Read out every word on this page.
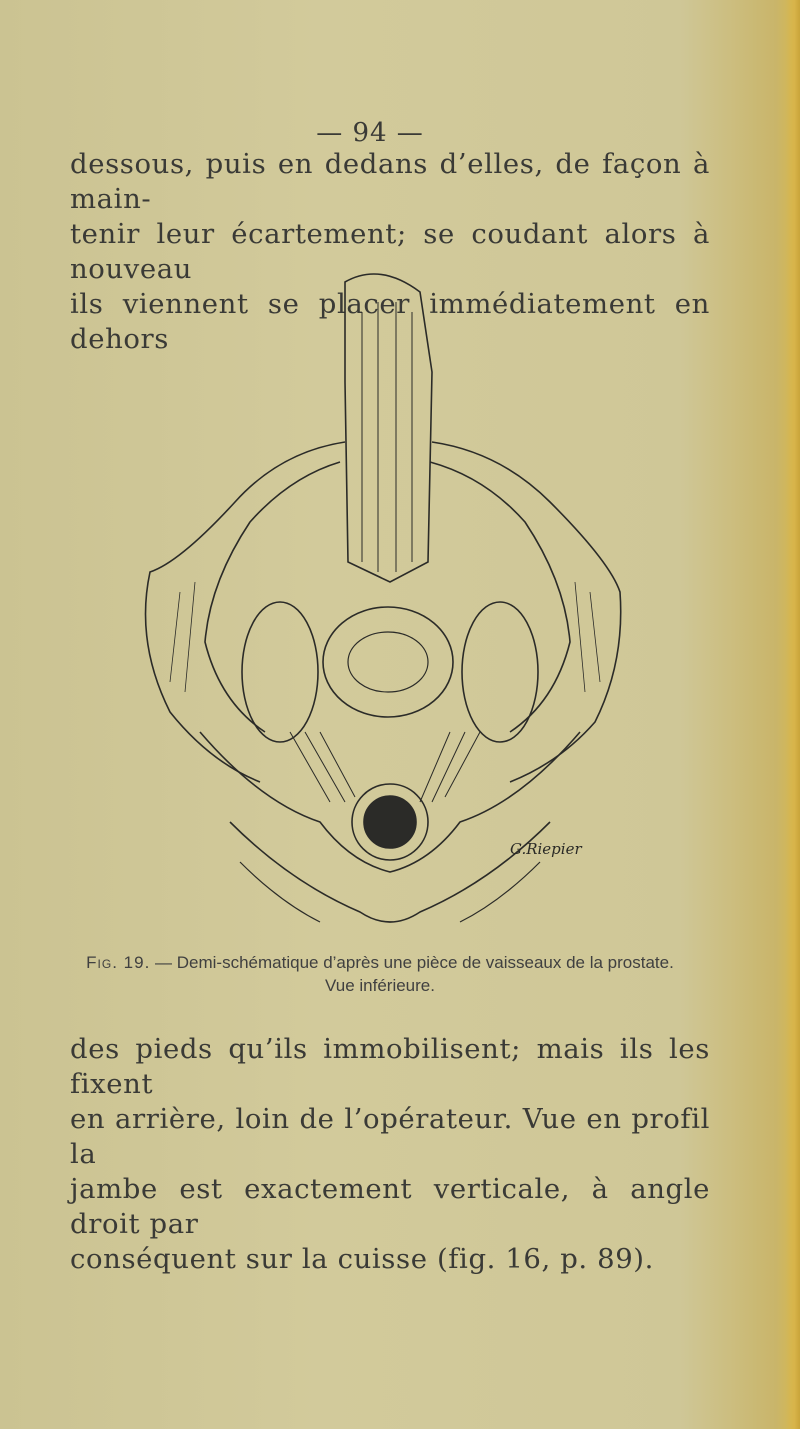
— 94 —
dessous, puis en dedans d’elles, de façon à main-
tenir leur écartement; se coudant alors à nouveau
ils viennent se placer immédiatement en dehors
G.Riepier
Fig. 19. — Demi-schématique d’après une pièce de vaisseaux de la prostate.
Vue inférieure.
des pieds qu’ils immobilisent; mais ils les fixent
en arrière, loin de l’opérateur. Vue en profil la
jambe est exactement verticale, à angle droit par
conséquent sur la cuisse (fig. 16, p. 89).
